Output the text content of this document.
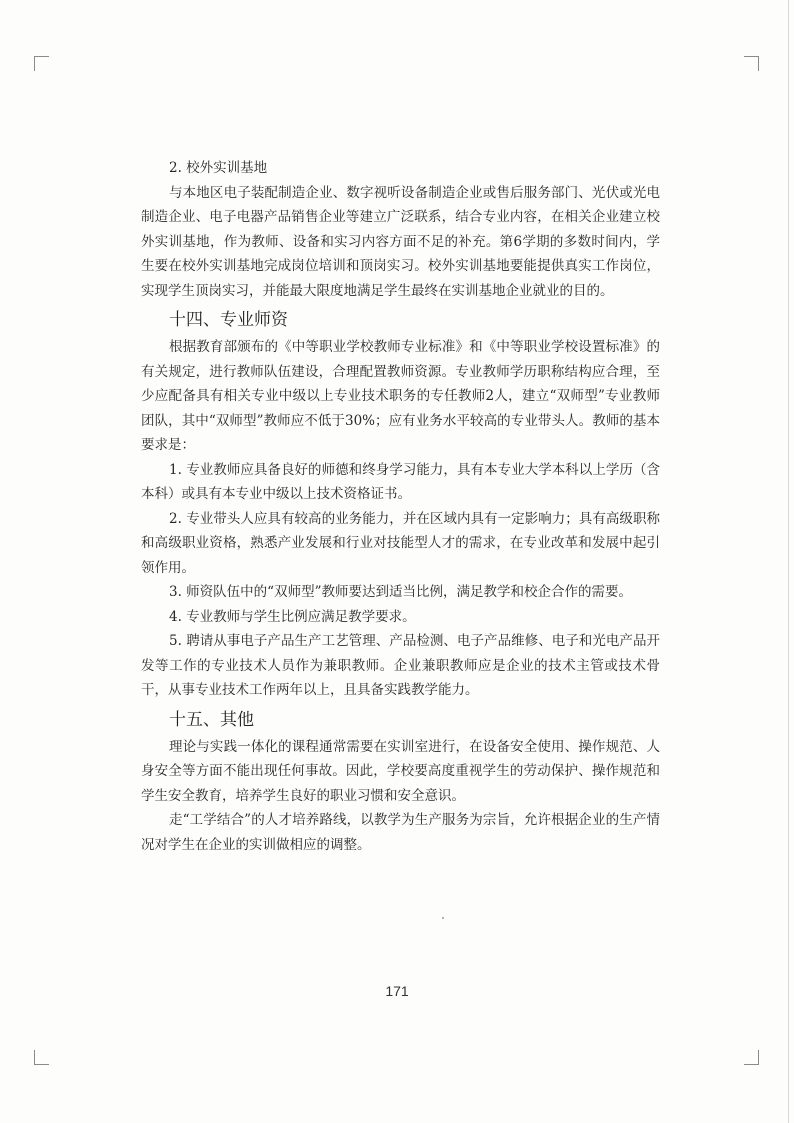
2. 校外实训基地

与本地区电子装配制造企业、数字视听设备制造企业或售后服务部门、光伏或光电制造企业、电子电器产品销售企业等建立广泛联系，结合专业内容，在相关企业建立校外实训基地，作为教师、设备和实习内容方面不足的补充。第6学期的多数时间内，学生要在校外实训基地完成岗位培训和顶岗实习。校外实训基地要能提供真实工作岗位，实现学生顶岗实习，并能最大限度地满足学生最终在实训基地企业就业的目的。

十四、专业师资

根据教育部颁布的《中等职业学校教师专业标准》和《中等职业学校设置标准》的有关规定，进行教师队伍建设，合理配置教师资源。专业教师学历职称结构应合理，至少应配备具有相关专业中级以上专业技术职务的专任教师2人，建立“双师型”专业教师团队，其中“双师型”教师应不低于30%；应有业务水平较高的专业带头人。教师的基本要求是：

1. 专业教师应具备良好的师德和终身学习能力，具有本专业大学本科以上学历（含本科）或具有本专业中级以上技术资格证书。

2. 专业带头人应具有较高的业务能力，并在区域内具有一定影响力；具有高级职称和高级职业资格，熟悉产业发展和行业对技能型人才的需求，在专业改革和发展中起引领作用。

3. 师资队伍中的“双师型”教师要达到适当比例，满足教学和校企合作的需要。

4. 专业教师与学生比例应满足教学要求。

5. 聘请从事电子产品生产工艺管理、产品检测、电子产品维修、电子和光电产品开发等工作的专业技术人员作为兼职教师。企业兼职教师应是企业的技术主管或技术骨干，从事专业技术工作两年以上，且具备实践教学能力。

十五、其他

理论与实践一体化的课程通常需要在实训室进行，在设备安全使用、操作规范、人身安全等方面不能出现任何事故。因此，学校要高度重视学生的劳动保护、操作规范和学生安全教育，培养学生良好的职业习惯和安全意识。

走“工学结合”的人才培养路线，以教学为生产服务为宗旨，允许根据企业的生产情况对学生在企业的实训做相应的调整。

171
